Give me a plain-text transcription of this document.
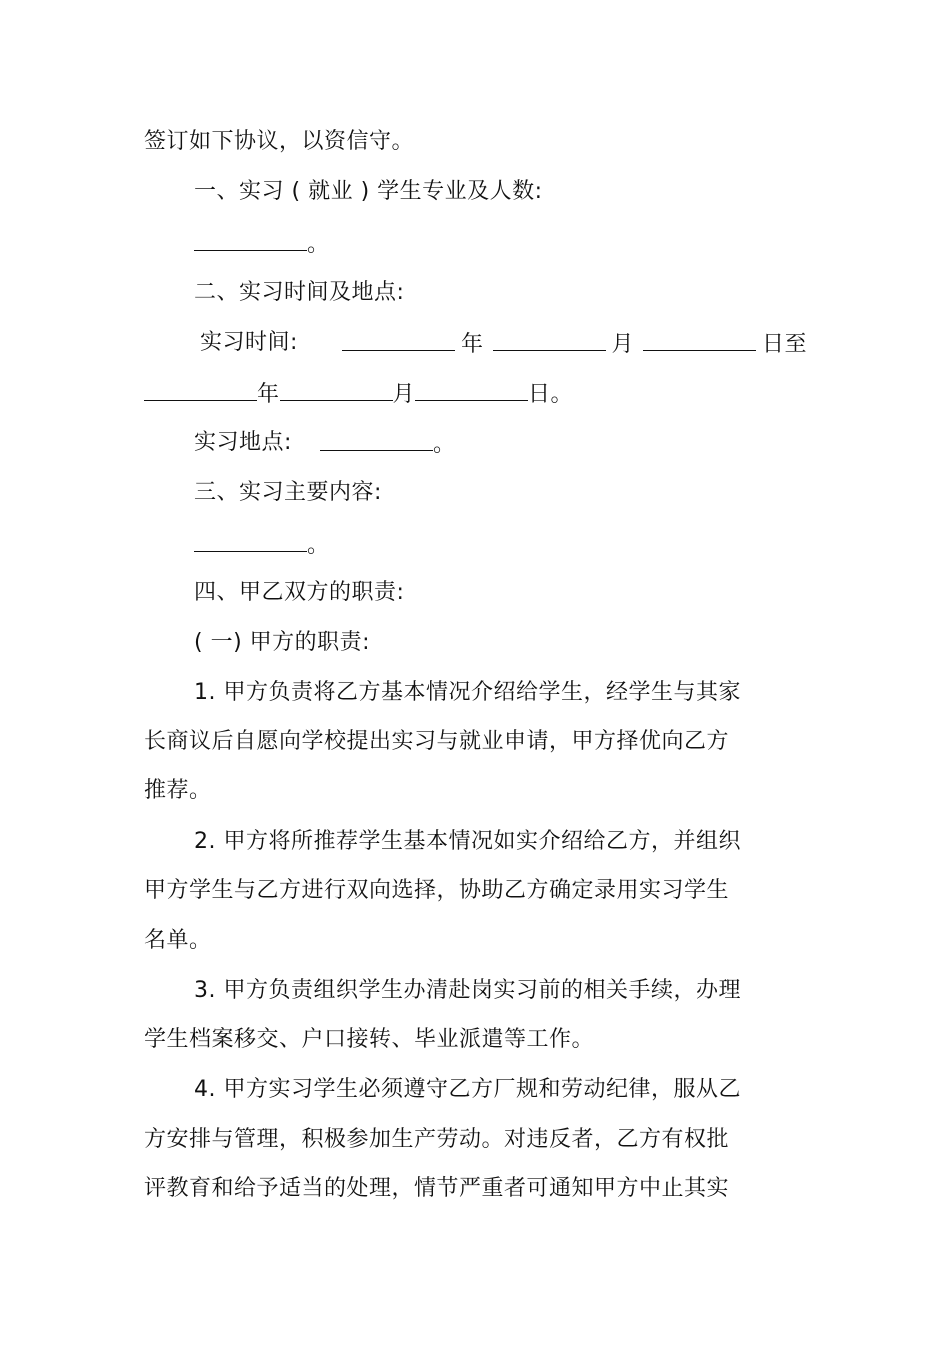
签订如下协议，以资信守。
一、实习 ( 就业 ) 学生专业及人数:
。
二、实习时间及地点:
实习时间:	年	月	日至
年	月	日。
实习地点:	。
三、实习主要内容:
。
四、甲乙双方的职责:
( 一) 甲方的职责:
1. 甲方负责将乙方基本情况介绍给学生，经学生与其家
长商议后自愿向学校提出实习与就业申请，甲方择优向乙方
推荐。
2. 甲方将所推荐学生基本情况如实介绍给乙方，并组织
甲方学生与乙方进行双向选择，协助乙方确定录用实习学生
名单。
3. 甲方负责组织学生办清赴岗实习前的相关手续，办理
学生档案移交、户口接转、毕业派遣等工作。
4. 甲方实习学生必须遵守乙方厂规和劳动纪律，服从乙
方安排与管理，积极参加生产劳动。对违反者，乙方有权批
评教育和给予适当的处理，情节严重者可通知甲方中止其实
